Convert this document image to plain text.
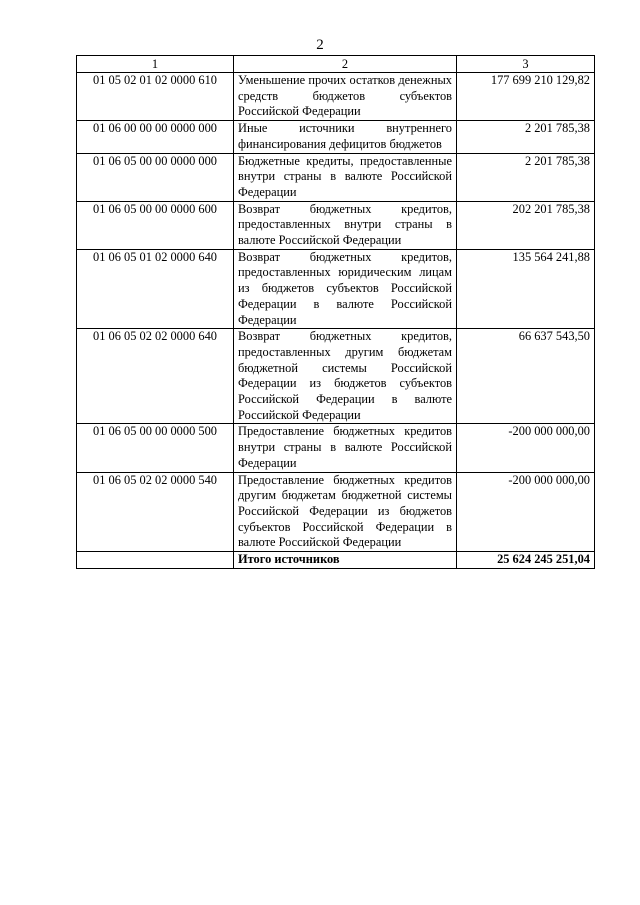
2
1	2	3
01 05 02 01 02 0000 610	Уменьшение прочих остатков денежных средств бюджетов субъектов Российской Федерации	177 699 210 129,82
01 06 00 00 00 0000 000	Иные источники внутреннего финансирования дефицитов бюджетов	2 201 785,38
01 06 05 00 00 0000 000	Бюджетные кредиты, предоставленные внутри страны в валюте Российской Федерации	2 201 785,38
01 06 05 00 00 0000 600	Возврат бюджетных кредитов, предоставленных внутри страны в валюте Российской Федерации	202 201 785,38
01 06 05 01 02 0000 640	Возврат бюджетных кредитов, предоставленных юридическим лицам из бюджетов субъектов Российской Федерации в валюте Российской Федерации	135 564 241,88
01 06 05 02 02 0000 640	Возврат бюджетных кредитов, предоставленных другим бюджетам бюджетной системы Российской Федерации из бюджетов субъектов Российской Федерации в валюте Российской Федерации	66 637 543,50
01 06 05 00 00 0000 500	Предоставление бюджетных кредитов внутри страны в валюте Российской Федерации	-200 000 000,00
01 06 05 02 02 0000 540	Предоставление бюджетных кредитов другим бюджетам бюджетной системы Российской Федерации из бюджетов субъектов Российской Федерации в валюте Российской Федерации	-200 000 000,00
	Итого источников	25 624 245 251,04
